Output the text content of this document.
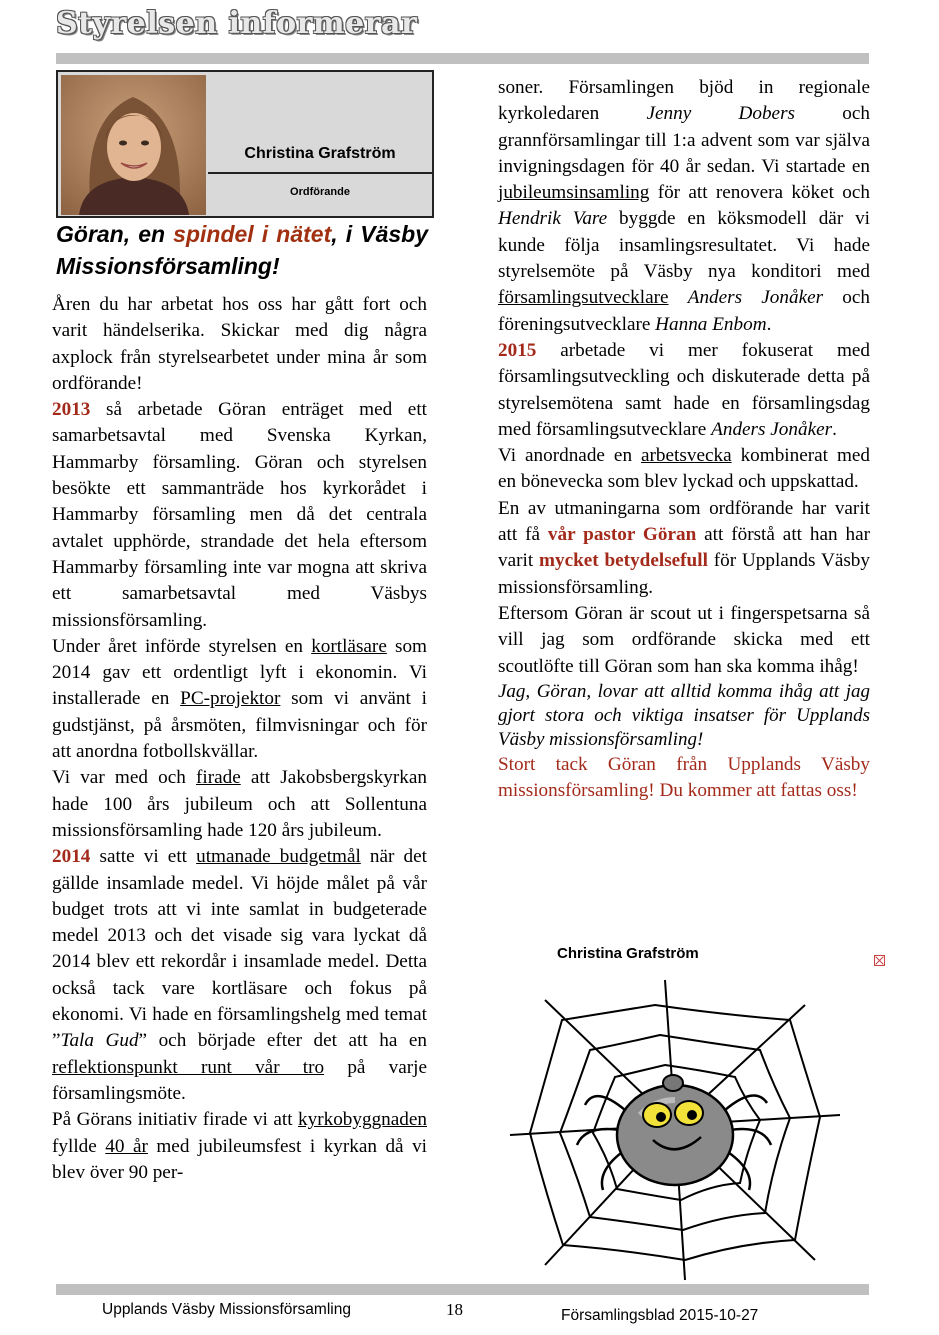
Styrelsen informerar
Christina Grafström
Ordförande
Göran, en spindel i nätet, i Väsby Missionsförsamling!

Åren du har arbetat hos oss har gått fort och varit händelserika. Skickar med dig några axplock från styrelsearbetet under mina år som ordförande!

2013 så arbetade Göran enträget med ett samarbetsavtal med Svenska Kyrkan, Hammarby församling. Göran och styrelsen besökte ett sammanträde hos kyrkorådet i Hammarby församling men då det centrala avtalet upphörde, strandade det hela eftersom Hammarby församling inte var mogna att skriva ett samarbetsavtal med Väsbys missionsförsamling.

Under året införde styrelsen en kortläsare som 2014 gav ett ordentligt lyft i ekonomin. Vi installerade en PC-projektor som vi använt i gudstjänst, på årsmöten, filmvisningar och för att anordna fotbollskvällar.

Vi var med och firade att Jakobsbergskyrkan hade 100 års jubileum och att Sollentuna missionsförsamling hade 120 års jubileum.

2014 satte vi ett utmanade budgetmål när det gällde insamlade medel. Vi höjde målet på vår budget trots att vi inte samlat in budgeterade medel 2013 och det visade sig vara lyckat då 2014 blev ett rekordår i insamlade medel. Detta också tack vare kortläsare och fokus på ekonomi. Vi hade en församlingshelg med temat ”Tala Gud” och började efter det att ha en reflektionspunkt runt vår tro på varje församlingsmöte.

På Görans initiativ firade vi att kyrkobyggnaden fyllde 40 år med jubileumsfest i kyrkan då vi blev över 90 per-

soner. Församlingen bjöd in regionale kyrkoledaren Jenny Dobers och grannförsamlingar till 1:a advent som var själva invigningsdagen för 40 år sedan. Vi startade en jubileumsinsamling för att renovera köket och Hendrik Vare byggde en köksmodell där vi kunde följa insamlingsresultatet. Vi hade styrelsemöte på Väsby nya konditori med församlingsutvecklare Anders Jonåker och föreningsutvecklare Hanna Enbom.

2015 arbetade vi mer fokuserat med församlingsutveckling och diskuterade detta på styrelsemötena samt hade en församlingsdag med församlingsutvecklare Anders Jonåker.

Vi anordnade en arbetsvecka kombinerat med en bönevecka som blev lyckad och uppskattad.

En av utmaningarna som ordförande har varit att få vår pastor Göran att förstå att han har varit mycket betydelsefull för Upplands Väsby missionsförsamling.

Eftersom Göran är scout ut i fingerspetsarna så vill jag som ordförande skicka med ett scoutlöfte till Göran som han ska komma ihåg!

Jag, Göran, lovar att alltid komma ihåg att jag gjort stora och viktiga insatser för Upplands Väsby missionsförsamling!

Stort tack Göran från Upplands Väsby missionsförsamling! Du kommer att fattas oss!

Christina Grafström
Upplands Väsby Missionsförsamling	18	Församlingsblad 2015-10-27
